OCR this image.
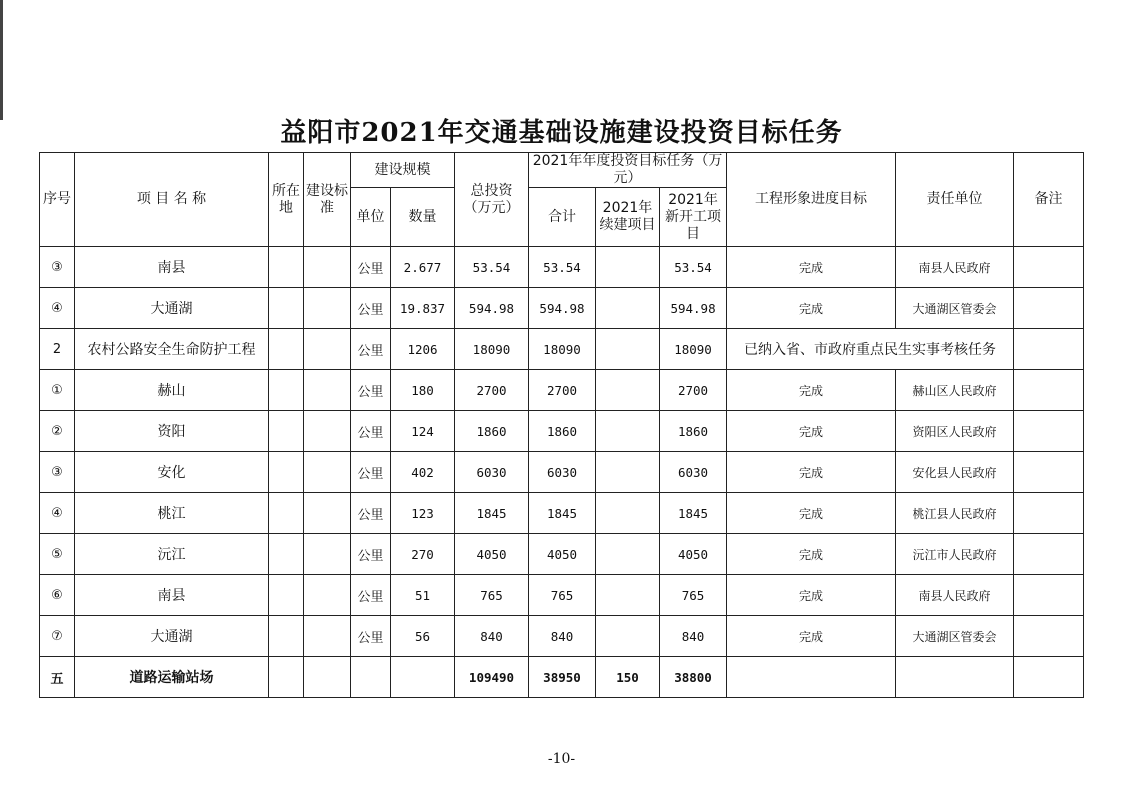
益阳市2021年交通基础设施建设投资目标任务
序号	项 目 名 称	所在地	建设标准	建设规模		总投资（万元）	2021年年度投资目标任务（万元）			工程形象进度目标	责任单位	备注
				单位	数量		合计	2021年续建项目	2021年新开工项目			
③	南县			公里	2.677	53.54	53.54		53.54	完成	南县人民政府	
④	大通湖			公里	19.837	594.98	594.98		594.98	完成	大通湖区管委会	
2	农村公路安全生命防护工程			公里	1206	18090	18090		18090	已纳入省、市政府重点民生实事考核任务		
①	赫山			公里	180	2700	2700		2700	完成	赫山区人民政府	
②	资阳			公里	124	1860	1860		1860	完成	资阳区人民政府	
③	安化			公里	402	6030	6030		6030	完成	安化县人民政府	
④	桃江			公里	123	1845	1845		1845	完成	桃江县人民政府	
⑤	沅江			公里	270	4050	4050		4050	完成	沅江市人民政府	
⑥	南县			公里	51	765	765		765	完成	南县人民政府	
⑦	大通湖			公里	56	840	840		840	完成	大通湖区管委会	
五	道路运输站场					109490	38950	150	38800			
-10-
